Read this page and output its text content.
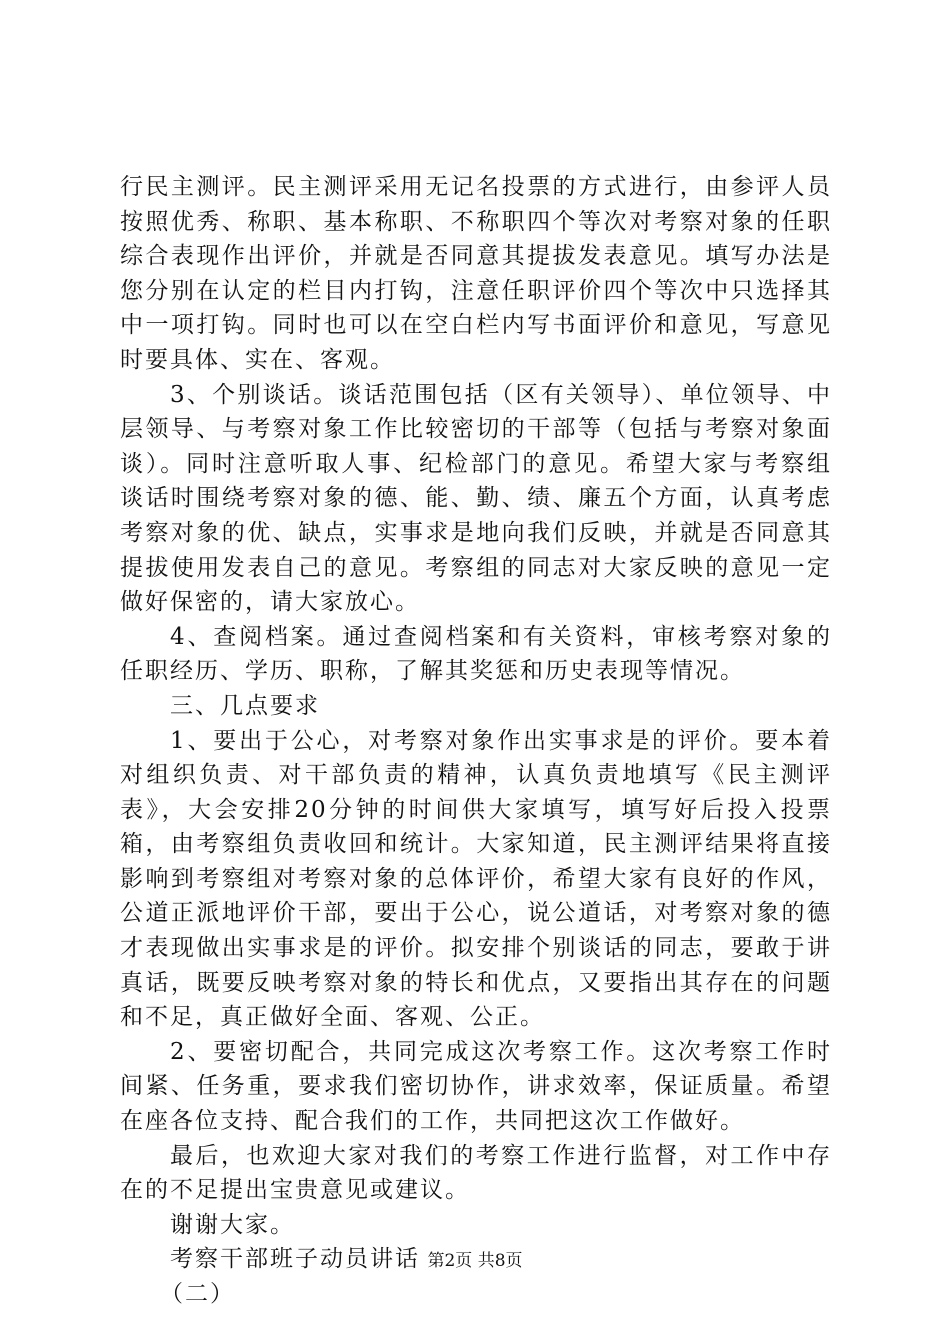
行民主测评。民主测评采用无记名投票的方式进行，由参评人员按照优秀、称职、基本称职、不称职四个等次对考察对象的任职综合表现作出评价，并就是否同意其提拔发表意见。填写办法是您分别在认定的栏目内打钩，注意任职评价四个等次中只选择其中一项打钩。同时也可以在空白栏内写书面评价和意见，写意见时要具体、实在、客观。

3、个别谈话。谈话范围包括（区有关领导）、单位领导、中层领导、与考察对象工作比较密切的干部等（包括与考察对象面谈）。同时注意听取人事、纪检部门的意见。希望大家与考察组谈话时围绕考察对象的德、能、勤、绩、廉五个方面，认真考虑考察对象的优、缺点，实事求是地向我们反映，并就是否同意其提拔使用发表自己的意见。考察组的同志对大家反映的意见一定做好保密的，请大家放心。

4、查阅档案。通过查阅档案和有关资料，审核考察对象的任职经历、学历、职称，了解其奖惩和历史表现等情况。

三、几点要求

1、要出于公心，对考察对象作出实事求是的评价。要本着对组织负责、对干部负责的精神，认真负责地填写《民主测评表》，大会安排20分钟的时间供大家填写，填写好后投入投票箱，由考察组负责收回和统计。大家知道，民主测评结果将直接影响到考察组对考察对象的总体评价，希望大家有良好的作风，公道正派地评价干部，要出于公心，说公道话，对考察对象的德才表现做出实事求是的评价。拟安排个别谈话的同志，要敢于讲真话，既要反映考察对象的特长和优点，又要指出其存在的问题和不足，真正做好全面、客观、公正。

2、要密切配合，共同完成这次考察工作。这次考察工作时间紧、任务重，要求我们密切协作，讲求效率，保证质量。希望在座各位支持、配合我们的工作，共同把这次工作做好。

最后，也欢迎大家对我们的考察工作进行监督，对工作中存在的不足提出宝贵意见或建议。

谢谢大家。

考察干部班子动员讲话

（二）

第2页 共8页
